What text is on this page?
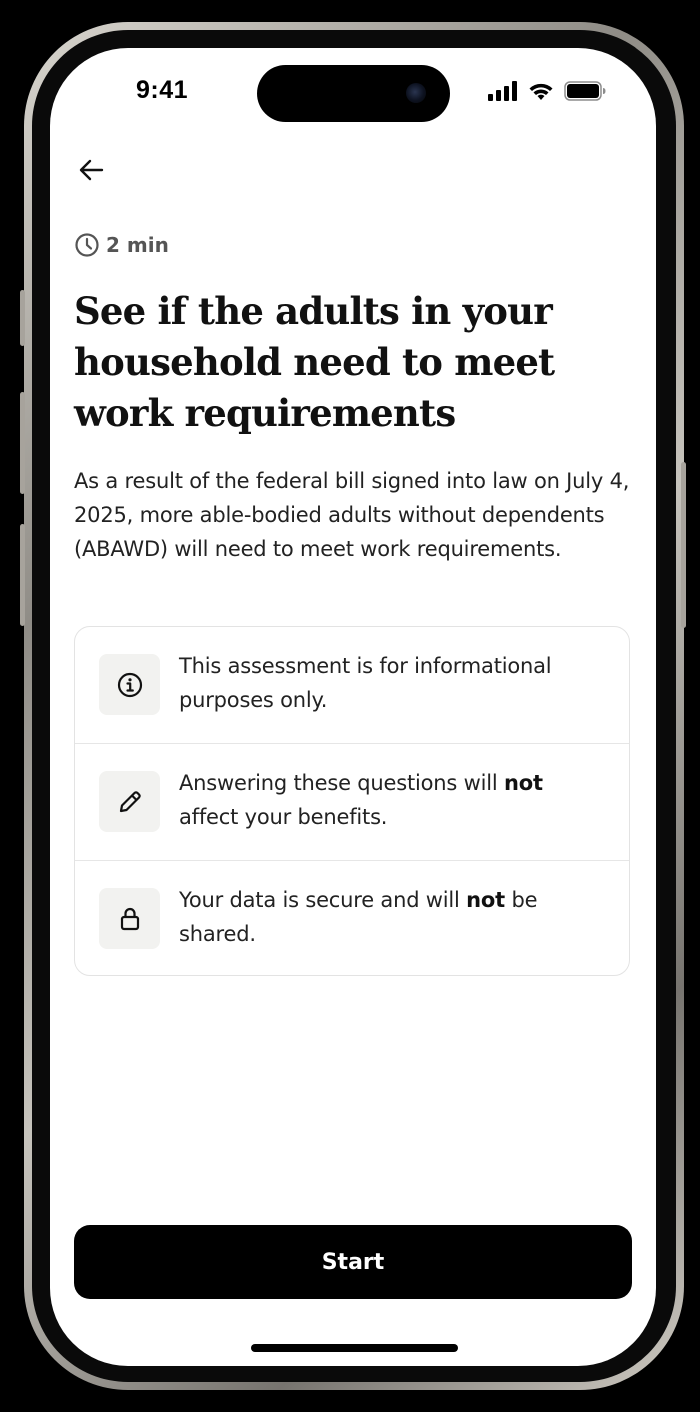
9:41
2 min
See if the adults in your household need to meet work requirements

As a result of the federal bill signed into law on July 4, 2025, more able-bodied adults without dependents (ABAWD) will need to meet work requirements.

This assessment is for informational purposes only.
Answering these questions will not affect your benefits.
Your data is secure and will not be shared.
Start
